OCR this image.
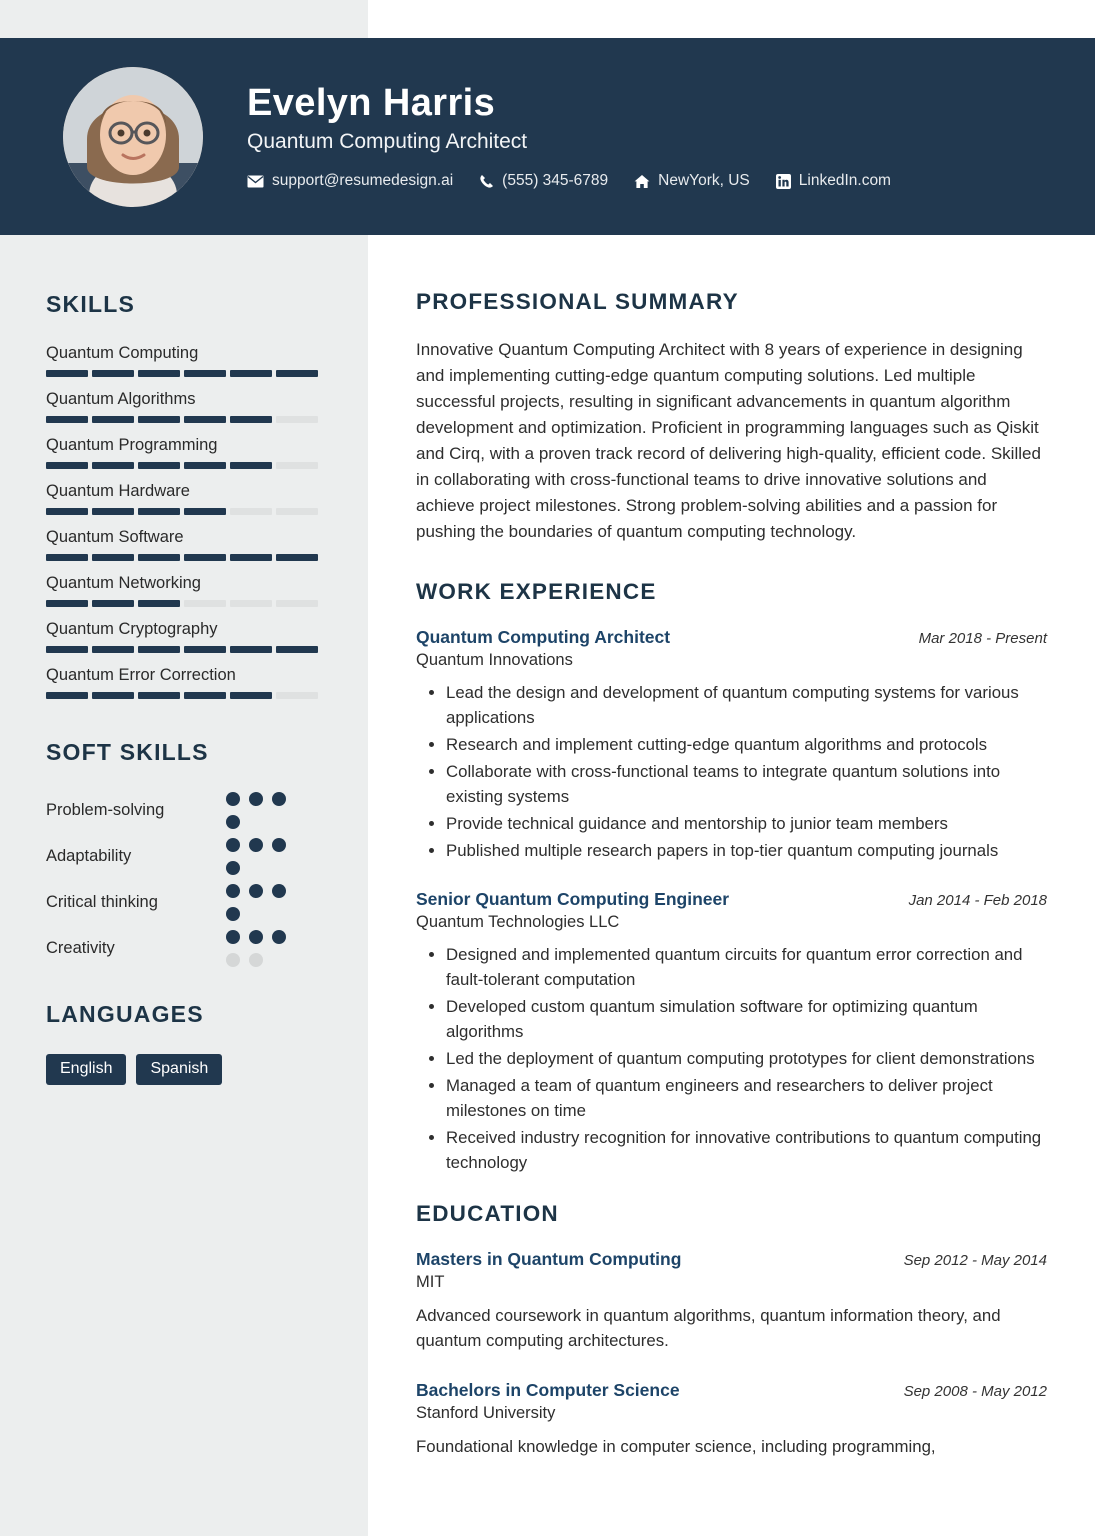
Evelyn Harris
Quantum Computing Architect
support@resumedesign.ai	(555) 345-6789	NewYork, US	LinkedIn.com
SKILLS
Quantum Computing
Quantum Algorithms
Quantum Programming
Quantum Hardware
Quantum Software
Quantum Networking
Quantum Cryptography
Quantum Error Correction
SOFT SKILLS
Problem-solving
Adaptability
Critical thinking
Creativity
LANGUAGES
English	Spanish
PROFESSIONAL SUMMARY

Innovative Quantum Computing Architect with 8 years of experience in designing and implementing cutting-edge quantum computing solutions. Led multiple successful projects, resulting in significant advancements in quantum algorithm development and optimization. Proficient in programming languages such as Qiskit and Cirq, with a proven track record of delivering high-quality, efficient code. Skilled in collaborating with cross-functional teams to drive innovative solutions and achieve project milestones. Strong problem-solving abilities and a passion for pushing the boundaries of quantum computing technology.

WORK EXPERIENCE
Quantum Computing Architect	Mar 2018 - Present
Quantum Innovations
• Lead the design and development of quantum computing systems for various applications
• Research and implement cutting-edge quantum algorithms and protocols
• Collaborate with cross-functional teams to integrate quantum solutions into existing systems
• Provide technical guidance and mentorship to junior team members
• Published multiple research papers in top-tier quantum computing journals
Senior Quantum Computing Engineer	Jan 2014 - Feb 2018
Quantum Technologies LLC
• Designed and implemented quantum circuits for quantum error correction and fault-tolerant computation
• Developed custom quantum simulation software for optimizing quantum algorithms
• Led the deployment of quantum computing prototypes for client demonstrations
• Managed a team of quantum engineers and researchers to deliver project milestones on time
• Received industry recognition for innovative contributions to quantum computing technology
EDUCATION
Masters in Quantum Computing	Sep 2012 - May 2014
MIT
Advanced coursework in quantum algorithms, quantum information theory, and quantum computing architectures.
Bachelors in Computer Science	Sep 2008 - May 2012
Stanford University
Foundational knowledge in computer science, including programming,
